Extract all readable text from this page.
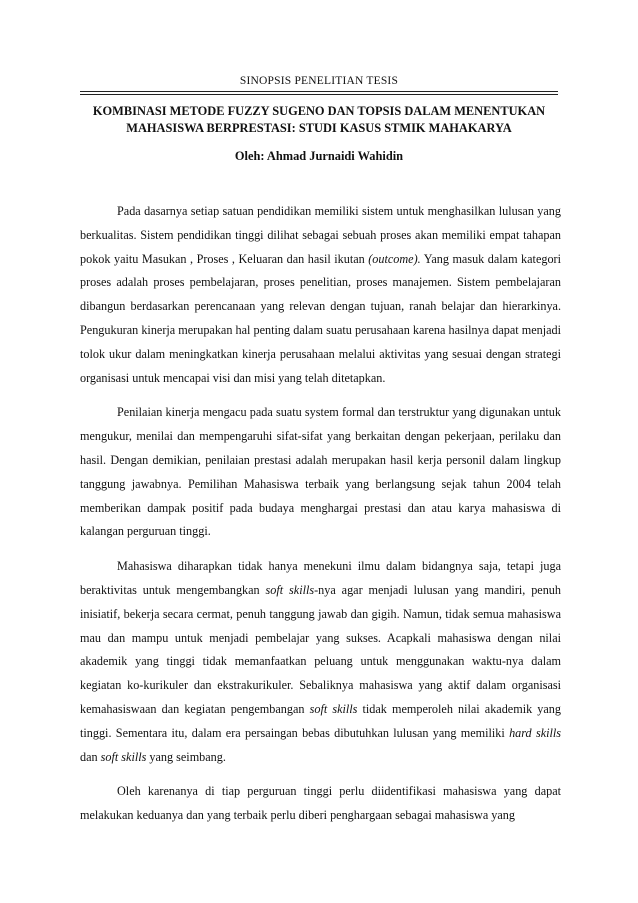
SINOPSIS PENELITIAN TESIS
KOMBINASI METODE FUZZY SUGENO DAN TOPSIS DALAM MENENTUKAN
MAHASISWA BERPRESTASI: STUDI KASUS STMIK MAHAKARYA
Oleh: Ahmad Jurnaidi Wahidin

Pada dasarnya setiap satuan pendidikan memiliki sistem untuk menghasilkan lulusan yang berkualitas. Sistem pendidikan tinggi dilihat sebagai sebuah proses akan memiliki empat tahapan pokok yaitu Masukan , Proses , Keluaran dan hasil ikutan (outcome). Yang masuk dalam kategori proses adalah proses pembelajaran, proses penelitian, proses manajemen. Sistem pembelajaran dibangun berdasarkan perencanaan yang relevan dengan tujuan, ranah belajar dan hierarkinya. Pengukuran kinerja merupakan hal penting dalam suatu perusahaan karena hasilnya dapat menjadi tolok ukur dalam meningkatkan kinerja perusahaan melalui aktivitas yang sesuai dengan strategi organisasi untuk mencapai visi dan misi yang telah ditetapkan.

Penilaian kinerja mengacu pada suatu system formal dan terstruktur yang digunakan untuk mengukur, menilai dan mempengaruhi sifat-sifat yang berkaitan dengan pekerjaan, perilaku dan hasil. Dengan demikian, penilaian prestasi adalah merupakan hasil kerja personil dalam lingkup tanggung jawabnya. Pemilihan Mahasiswa terbaik yang berlangsung sejak tahun 2004 telah memberikan dampak positif pada budaya menghargai prestasi dan atau karya mahasiswa di kalangan perguruan tinggi.

Mahasiswa diharapkan tidak hanya menekuni ilmu dalam bidangnya saja, tetapi juga beraktivitas untuk mengembangkan soft skills-nya agar menjadi lulusan yang mandiri, penuh inisiatif, bekerja secara cermat, penuh tanggung jawab dan gigih. Namun, tidak semua mahasiswa mau dan mampu untuk menjadi pembelajar yang sukses. Acapkali mahasiswa dengan nilai akademik yang tinggi tidak memanfaatkan peluang untuk menggunakan waktu-nya dalam kegiatan ko-kurikuler dan ekstrakurikuler. Sebaliknya mahasiswa yang aktif dalam organisasi kemahasiswaan dan kegiatan pengembangan soft skills tidak memperoleh nilai akademik yang tinggi. Sementara itu, dalam era persaingan bebas dibutuhkan lulusan yang memiliki hard skills dan soft skills yang seimbang.

Oleh karenanya di tiap perguruan tinggi perlu diidentifikasi mahasiswa yang dapat melakukan keduanya dan yang terbaik perlu diberi penghargaan sebagai mahasiswa yang
